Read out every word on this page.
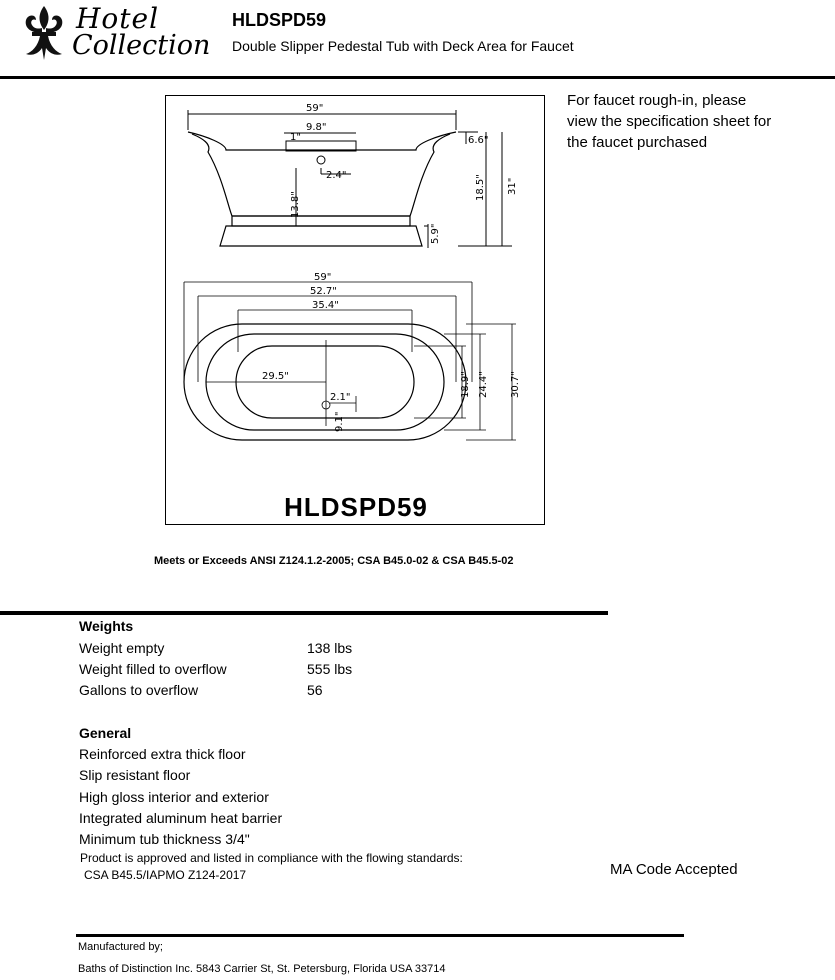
Hotel
Collection
HLDSPD59
Double Slipper Pedestal Tub with Deck Area for Faucet
59"
9.8"
1"
2.4"
6.6"
18.5" 31"
13.8"
5.9"
59"
52.7"
35.4"
29.5"
2.1"	18.9" 24.4" 30.7"
9.1"
HLDSPD59
For faucet rough-in, please view the specification sheet for the faucet purchased
Meets or Exceeds ANSI Z124.1.2-2005; CSA B45.0-02 & CSA B45.5-02
Weights
Weight empty	138 lbs
Weight filled to overflow	555 lbs
Gallons to overflow	56
General
Reinforced extra thick floor
Slip resistant floor
High gloss interior and exterior
Integrated aluminum heat barrier
Minimum tub thickness 3/4"
Product is approved and listed in compliance with the flowing standards:
CSA B45.5/IAPMO Z124-2017	MA Code Accepted
Manufactured by;
Baths of Distinction Inc. 5843 Carrier St, St. Petersburg, Florida USA 33714
